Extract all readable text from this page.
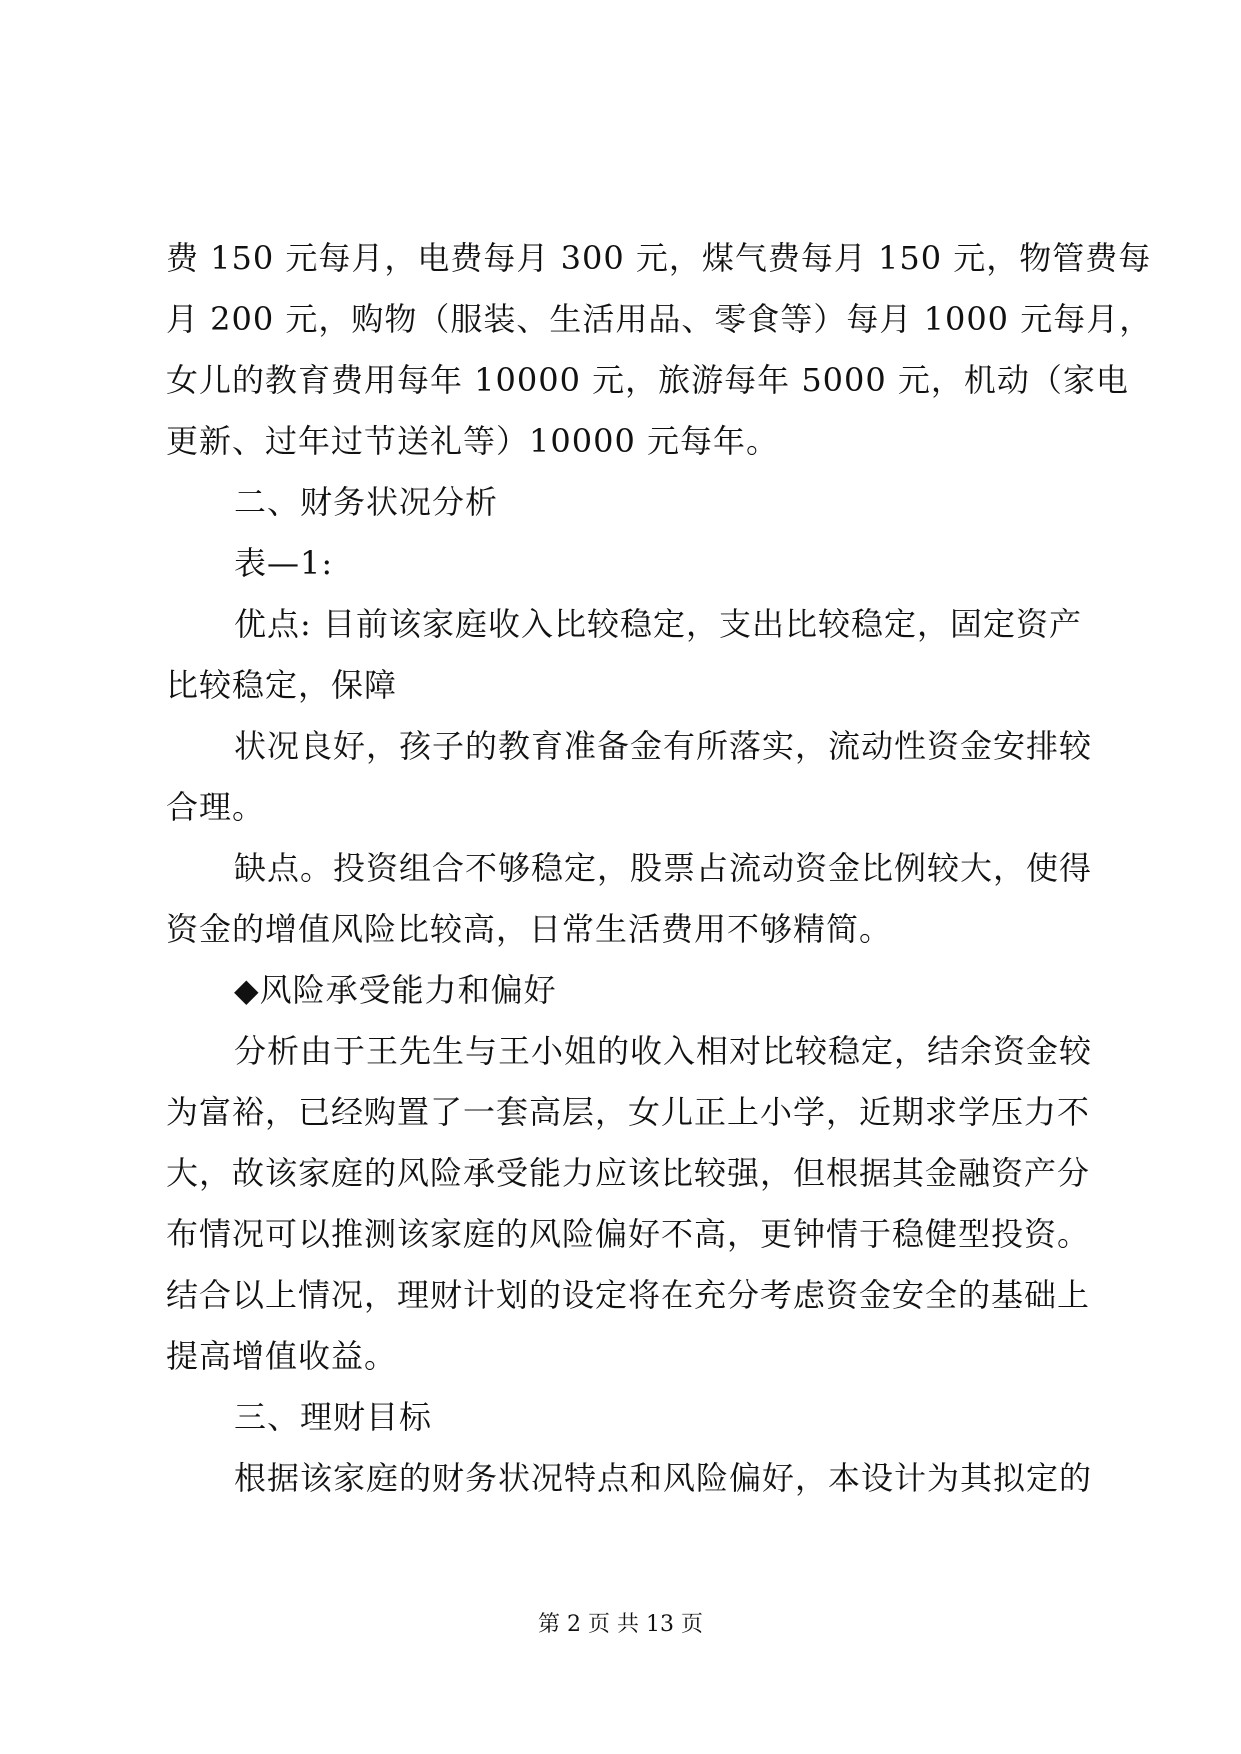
费 150 元每月，电费每月 300 元，煤气费每月 150 元，物管费每
月 200 元，购物（服装、生活用品、零食等）每月 1000 元每月，
女儿的教育费用每年 10000 元，旅游每年 5000 元，机动（家电
更新、过年过节送礼等）10000 元每年。
二、财务状况分析
表—1:
优点: 目前该家庭收入比较稳定，支出比较稳定，固定资产
比较稳定，保障
状况良好，孩子的教育准备金有所落实，流动性资金安排较
合理。
缺点。投资组合不够稳定，股票占流动资金比例较大，使得
资金的增值风险比较高，日常生活费用不够精简。
◆风险承受能力和偏好
分析由于王先生与王小姐的收入相对比较稳定，结余资金较
为富裕，已经购置了一套高层，女儿正上小学，近期求学压力不
大，故该家庭的风险承受能力应该比较强，但根据其金融资产分
布情况可以推测该家庭的风险偏好不高，更钟情于稳健型投资。
结合以上情况，理财计划的设定将在充分考虑资金安全的基础上
提高增值收益。
三、理财目标
根据该家庭的财务状况特点和风险偏好，本设计为其拟定的
第 2 页 共 13 页
